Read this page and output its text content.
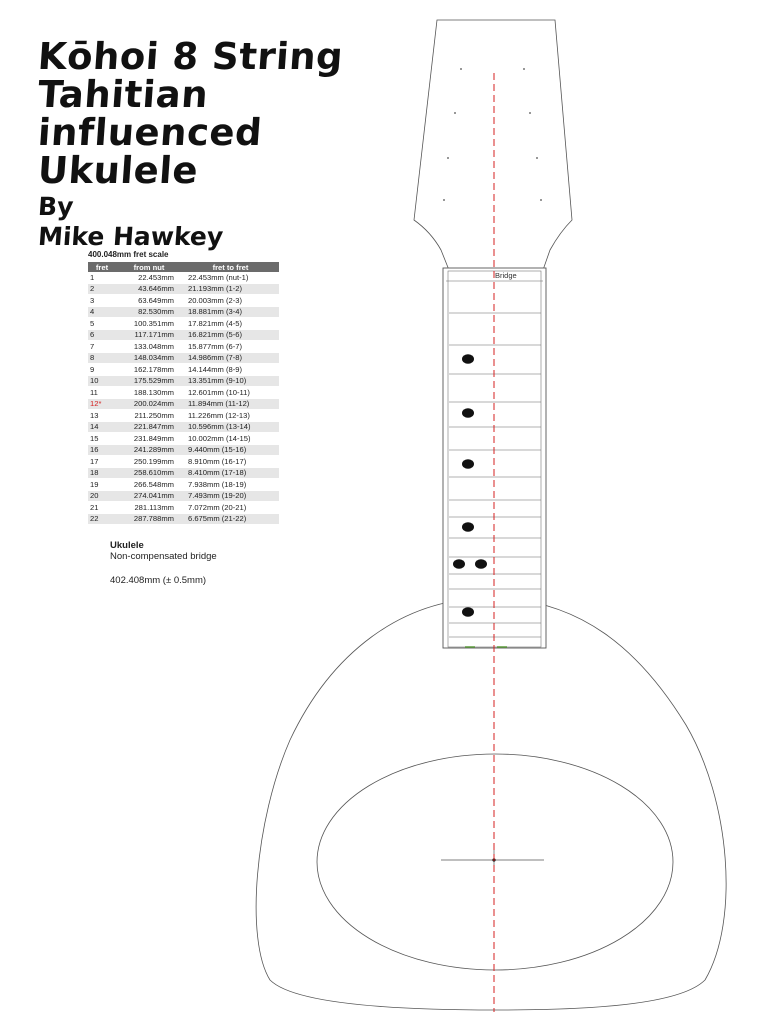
Kōhoi 8 String
Tahitian
influenced
Ukulele
By
Mike Hawkey
400.048mm fret scale
fret	from nut	fret to fret
1	22.453mm	22.453mm (nut-1)
2	43.646mm	21.193mm (1-2)
3	63.649mm	20.003mm (2-3)
4	82.530mm	18.881mm (3-4)
5	100.351mm	17.821mm (4-5)
6	117.171mm	16.821mm (5-6)
7	133.048mm	15.877mm (6-7)
8	148.034mm	14.986mm (7-8)
9	162.178mm	14.144mm (8-9)
10	175.529mm	13.351mm (9-10)
11	188.130mm	12.601mm (10-11)
12*	200.024mm	11.894mm (11-12)
13	211.250mm	11.226mm (12-13)
14	221.847mm	10.596mm (13-14)
15	231.849mm	10.002mm (14-15)
16	241.289mm	9.440mm (15-16)
17	250.199mm	8.910mm (16-17)
18	258.610mm	8.410mm (17-18)
19	266.548mm	7.938mm (18-19)
20	274.041mm	7.493mm (19-20)
21	281.113mm	7.072mm (20-21)
22	287.788mm	6.675mm (21-22)
Ukulele
Non-compensated bridge
402.408mm (± 0.5mm)
Bridge
